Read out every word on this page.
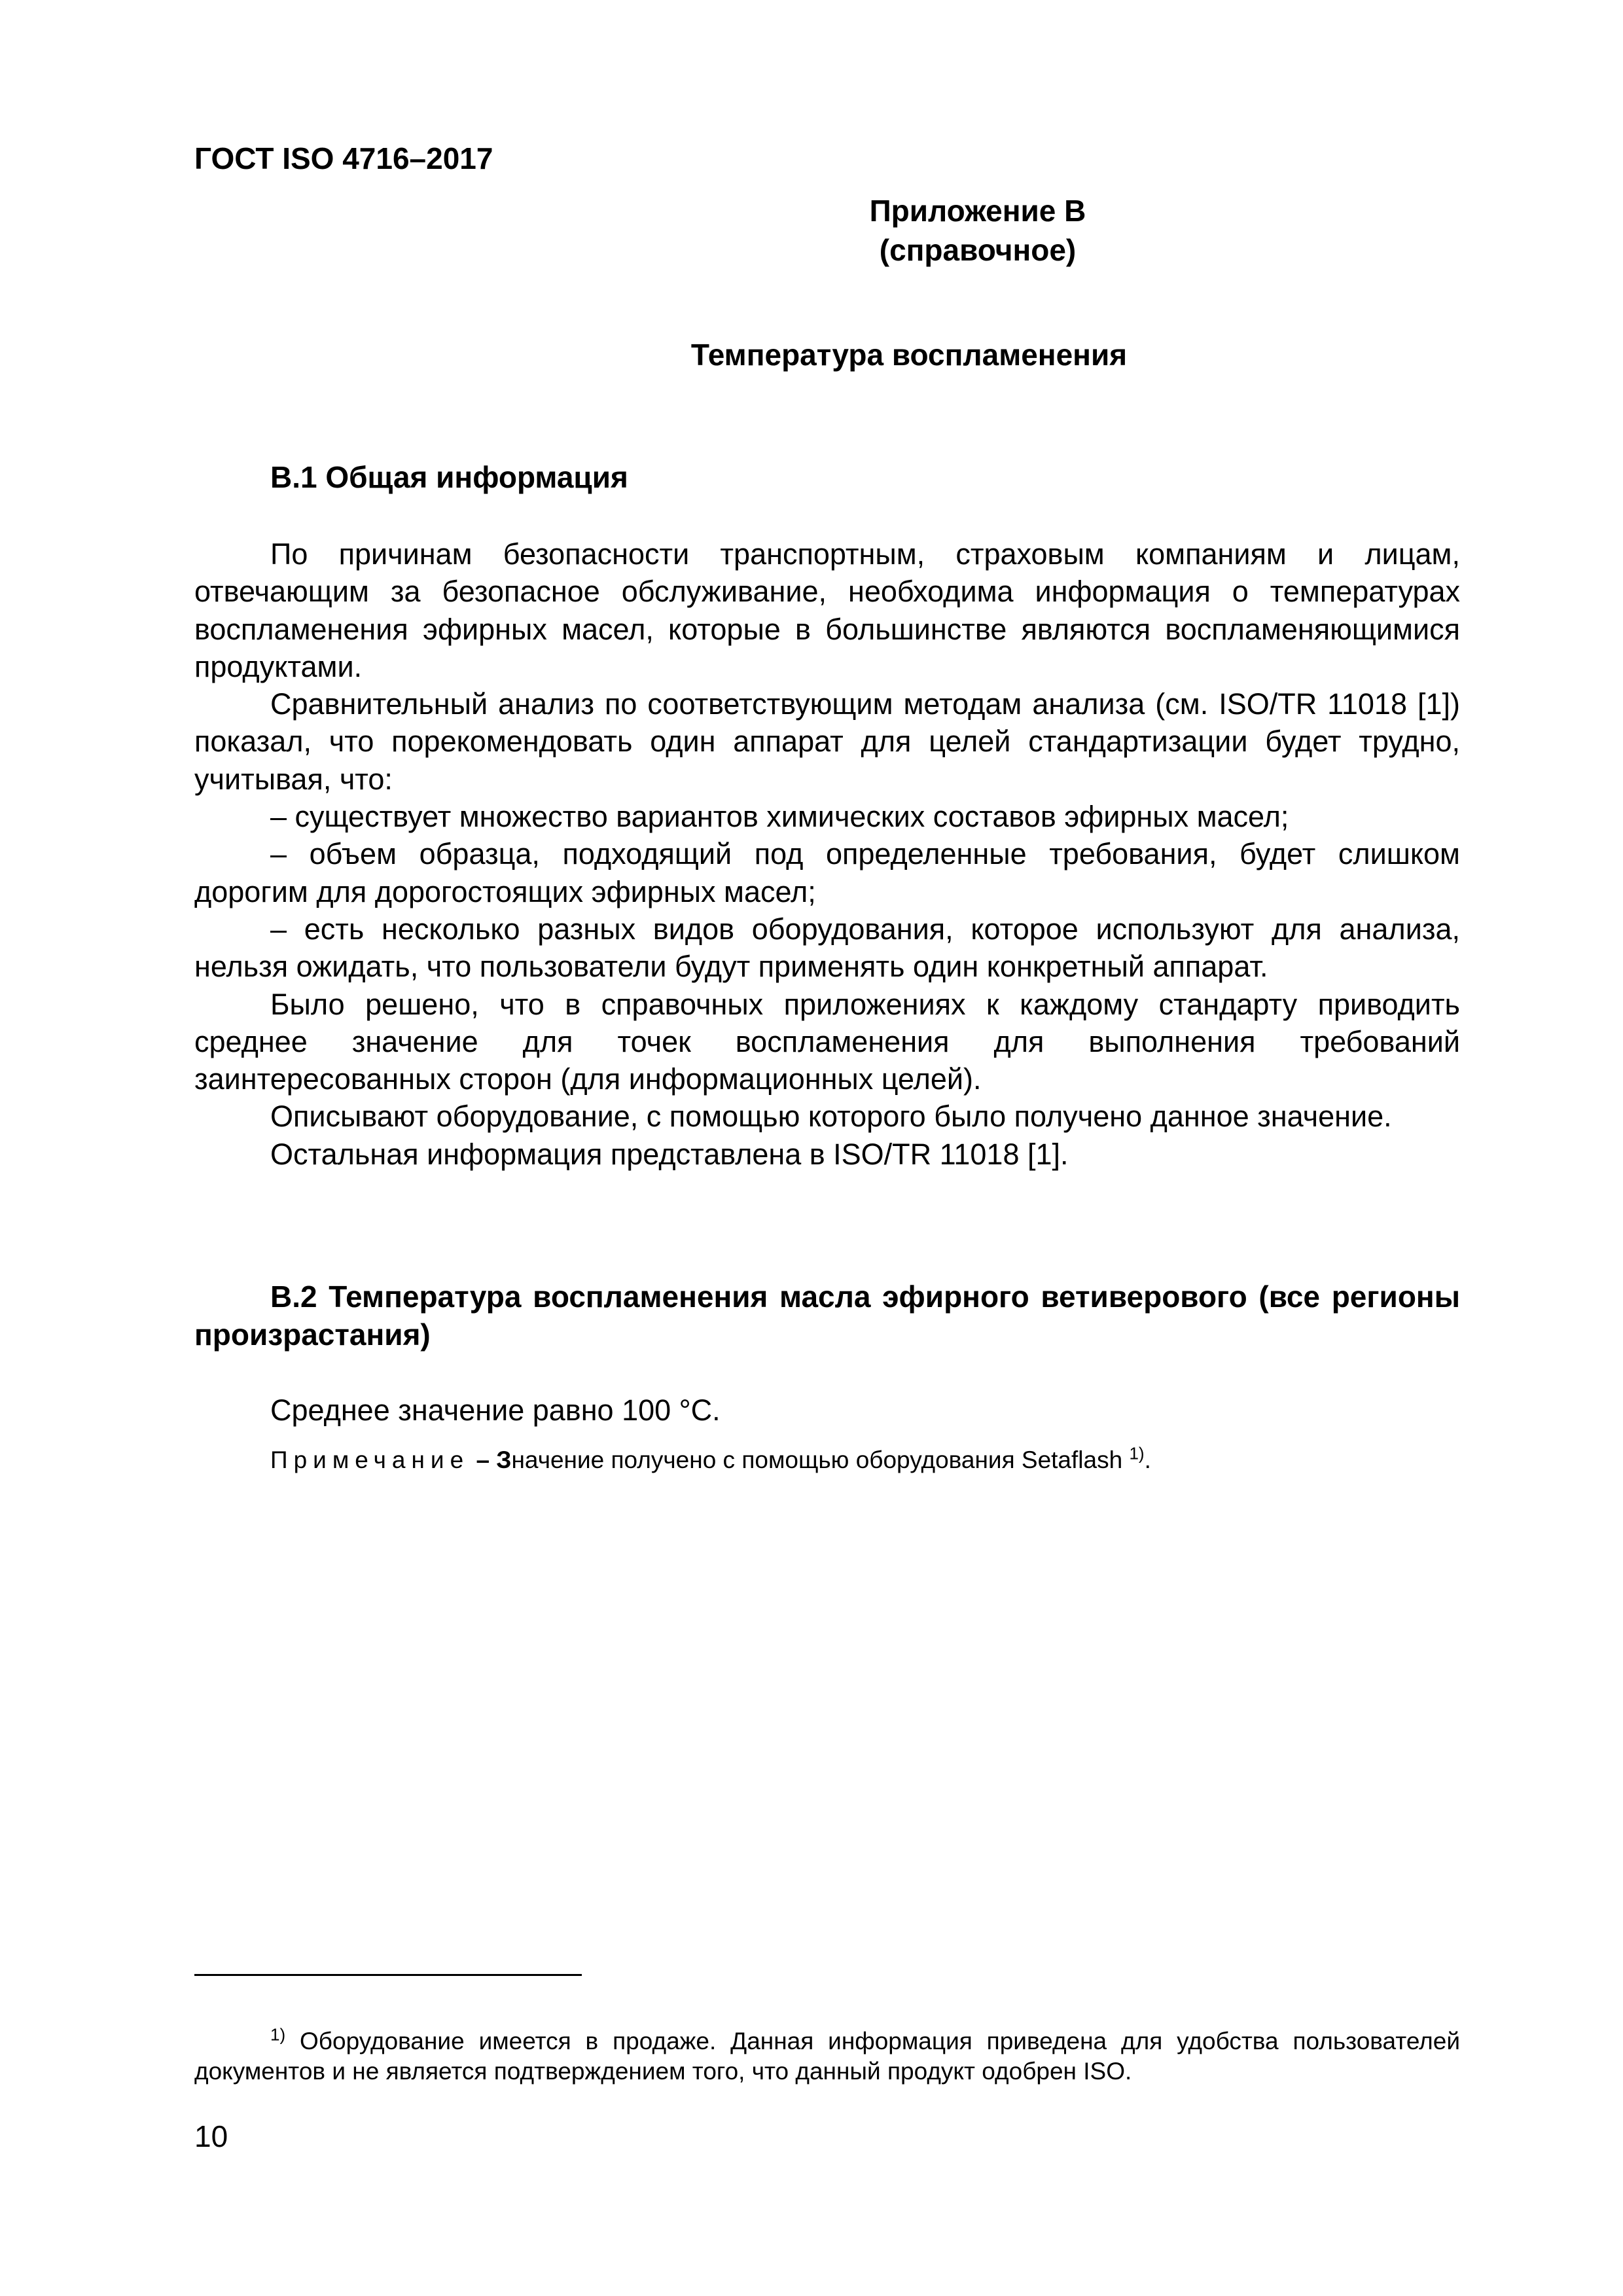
ГОСТ ISO 4716–2017

Приложение В
(справочное)
Температура воспламенения

В.1 Общая информация

По причинам безопасности транспортным, страховым компаниям и лицам, отвечающим за безопасное обслуживание, необходима информация о температурах воспламенения эфирных масел, которые в большинстве являются воспламеняющимися продуктами.

Сравнительный анализ по соответствующим методам анализа (см. ISO/TR 11018 [1]) показал, что порекомендовать один аппарат для целей стандартизации будет трудно, учитывая, что:

– существует множество вариантов химических составов эфирных масел;

– объем образца, подходящий под определенные требования, будет слишком дорогим для дорогостоящих эфирных масел;

– есть несколько разных видов оборудования, которое используют для анализа, нельзя ожидать, что пользователи будут применять один конкретный аппарат.

Было решено, что в справочных приложениях к каждому стандарту приводить среднее значение для точек воспламенения для выполнения требований заинтересованных сторон (для информационных целей).

Описывают оборудование, с помощью которого было получено данное значение.

Остальная информация представлена в ISO/TR 11018 [1].

В.2 Температура воспламенения масла эфирного ветиверового (все регионы произрастания)

Среднее значение равно 100 °С.

Примечание – Значение получено с помощью оборудования Setaflash $^{1)}$.

$^{1)}$ Оборудование имеется в продаже. Данная информация приведена для удобства пользователей документов и не является подтверждением того, что данный продукт одобрен ISO.

10
